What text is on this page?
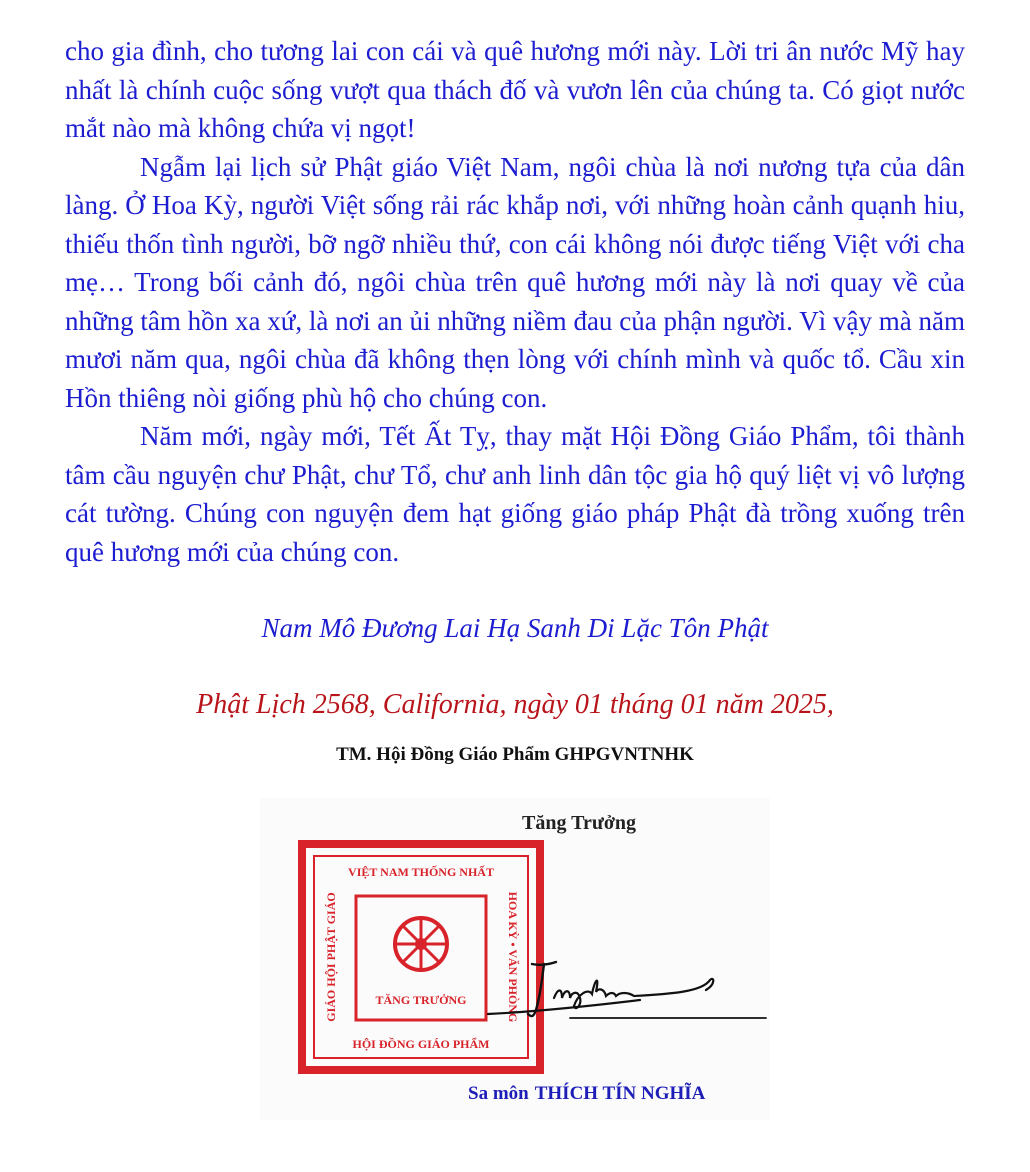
cho gia đình, cho tương lai con cái và quê hương mới này. Lời tri ân nước Mỹ hay nhất là chính cuộc sống vượt qua thách đố và vươn lên của chúng ta. Có giọt nước mắt nào mà không chứa vị ngọt!

Ngẫm lại lịch sử Phật giáo Việt Nam, ngôi chùa là nơi nương tựa của dân làng. Ở Hoa Kỳ, người Việt sống rải rác khắp nơi, với những hoàn cảnh quạnh hiu, thiếu thốn tình người, bỡ ngỡ nhiều thứ, con cái không nói được tiếng Việt với cha mẹ… Trong bối cảnh đó, ngôi chùa trên quê hương mới này là nơi quay về của những tâm hồn xa xứ, là nơi an ủi những niềm đau của phận người. Vì vậy mà năm mươi năm qua, ngôi chùa đã không thẹn lòng với chính mình và quốc tổ. Cầu xin Hồn thiêng nòi giống phù hộ cho chúng con.

Năm mới, ngày mới, Tết Ất Tỵ, thay mặt Hội Đồng Giáo Phẩm, tôi thành tâm cầu nguyện chư Phật, chư Tổ, chư anh linh dân tộc gia hộ quý liệt vị vô lượng cát tường. Chúng con nguyện đem hạt giống giáo pháp Phật đà trồng xuống trên quê hương mới của chúng con.

Nam Mô Đương Lai Hạ Sanh Di Lặc Tôn Phật

Phật Lịch 2568, California, ngày 01 tháng 01 năm 2025,

TM. Hội Đồng Giáo Phẩm GHPGVNTNHK

Tăng Trưởng

VIỆT NAM THỐNG NHẤT
HỘI ĐỒNG GIÁO PHẨM
TĂNG TRƯỞNG
GIÁO HỘI PHẬT GIÁO	HOA KỲ • VĂN PHÒNG

Sa môn THÍCH TÍN NGHĨA
